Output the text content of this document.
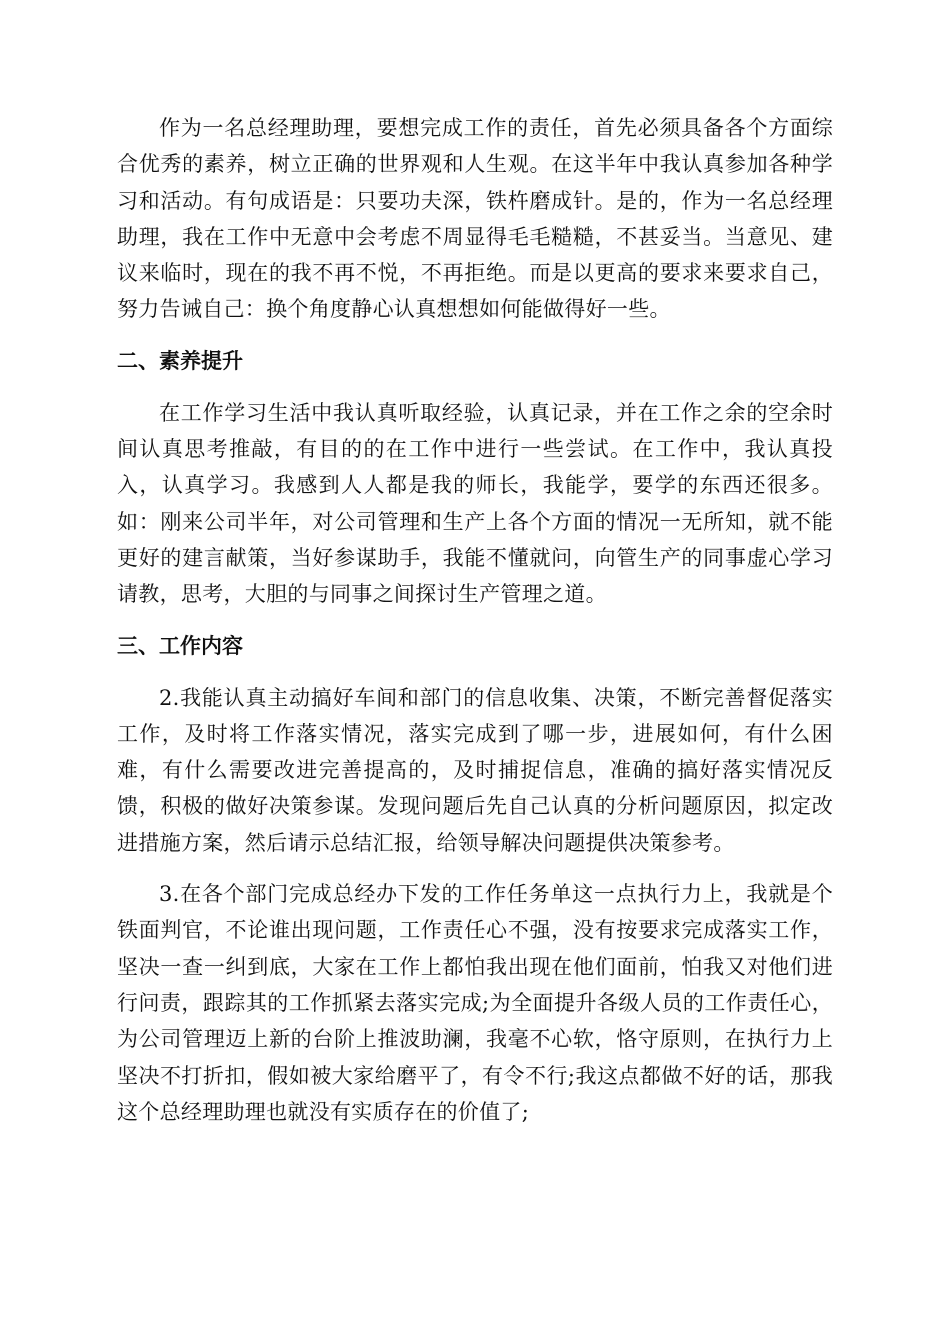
作为一名总经理助理，要想完成工作的责任，首先必须具备各个方面综合优秀的素养，树立正确的世界观和人生观。在这半年中我认真参加各种学习和活动。有句成语是：只要功夫深，铁杵磨成针。是的，作为一名总经理助理，我在工作中无意中会考虑不周显得毛毛糙糙，不甚妥当。当意见、建议来临时，现在的我不再不悦，不再拒绝。而是以更高的要求来要求自己，努力告诫自己：换个角度静心认真想想如何能做得好一些。

二、素养提升

在工作学习生活中我认真听取经验，认真记录，并在工作之余的空余时间认真思考推敲，有目的的在工作中进行一些尝试。在工作中，我认真投入，认真学习。我感到人人都是我的师长，我能学，要学的东西还很多。如：刚来公司半年，对公司管理和生产上各个方面的情况一无所知，就不能更好的建言献策，当好参谋助手，我能不懂就问，向管生产的同事虚心学习请教，思考，大胆的与同事之间探讨生产管理之道。

三、工作内容

2.我能认真主动搞好车间和部门的信息收集、决策，不断完善督促落实工作，及时将工作落实情况，落实完成到了哪一步，进展如何，有什么困难，有什么需要改进完善提高的，及时捕捉信息，准确的搞好落实情况反馈，积极的做好决策参谋。发现问题后先自己认真的分析问题原因，拟定改进措施方案，然后请示总结汇报，给领导解决问题提供决策参考。

3.在各个部门完成总经办下发的工作任务单这一点执行力上，我就是个铁面判官，不论谁出现问题，工作责任心不强，没有按要求完成落实工作，坚决一查一纠到底，大家在工作上都怕我出现在他们面前，怕我又对他们进行问责，跟踪其的工作抓紧去落实完成;为全面提升各级人员的工作责任心，为公司管理迈上新的台阶上推波助澜，我毫不心软，恪守原则，在执行力上坚决不打折扣，假如被大家给磨平了，有令不行;我这点都做不好的话，那我这个总经理助理也就没有实质存在的价值了;
